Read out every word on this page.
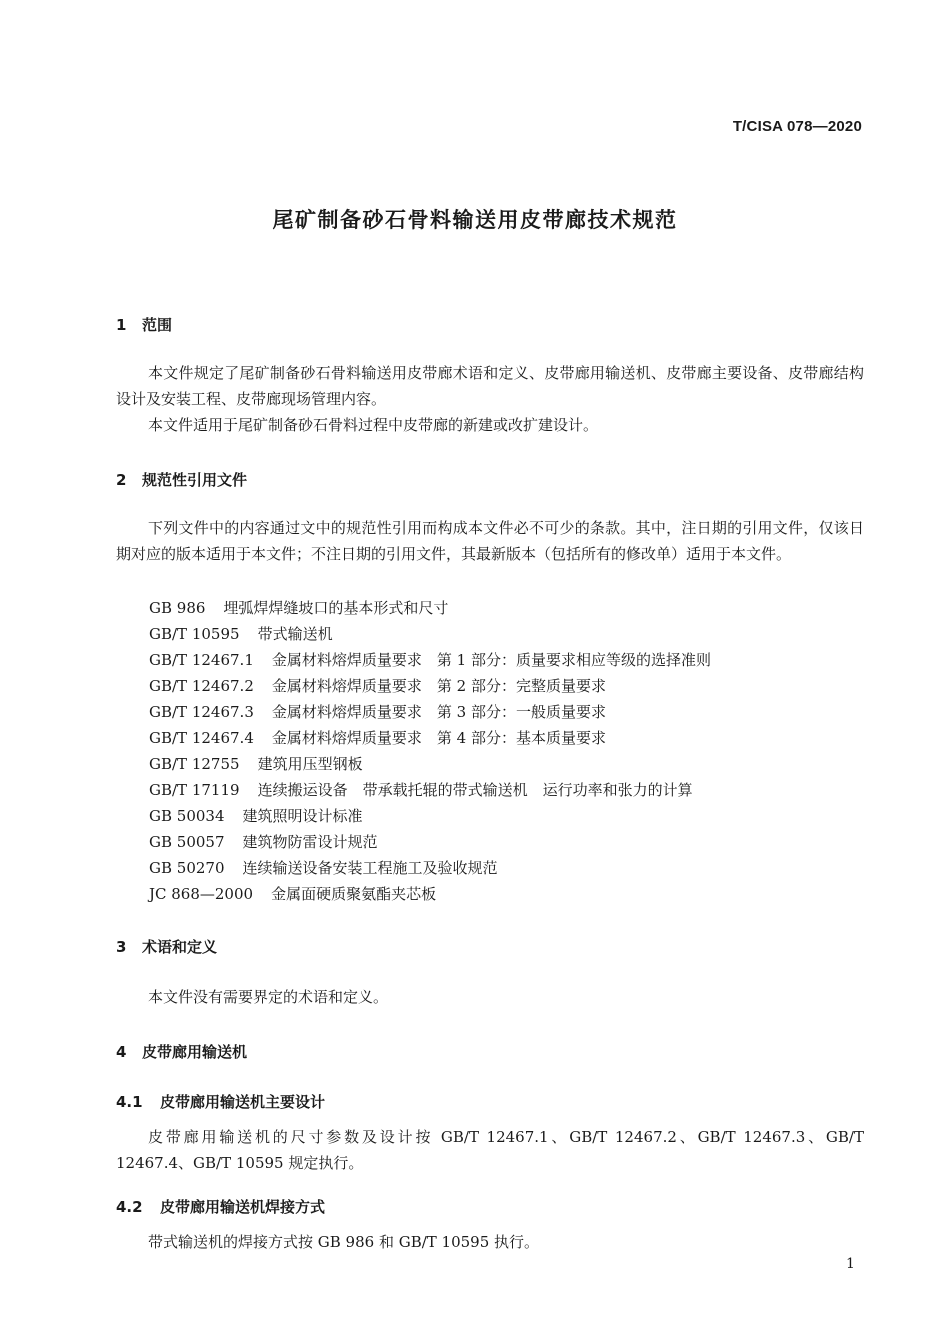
T/CISA 078—2020
尾矿制备砂石骨料输送用皮带廊技术规范
1 范围
本文件规定了尾矿制备砂石骨料输送用皮带廊术语和定义、皮带廊用输送机、皮带廊主要设备、皮带廊结构设计及安装工程、皮带廊现场管理内容。
本文件适用于尾矿制备砂石骨料过程中皮带廊的新建或改扩建设计。
2 规范性引用文件
下列文件中的内容通过文中的规范性引用而构成本文件必不可少的条款。其中，注日期的引用文件，仅该日期对应的版本适用于本文件；不注日期的引用文件，其最新版本（包括所有的修改单）适用于本文件。
GB 986 埋弧焊焊缝坡口的基本形式和尺寸
GB/T 10595 带式输送机
GB/T 12467.1 金属材料熔焊质量要求　第 1 部分：质量要求相应等级的选择准则
GB/T 12467.2 金属材料熔焊质量要求　第 2 部分：完整质量要求
GB/T 12467.3 金属材料熔焊质量要求　第 3 部分：一般质量要求
GB/T 12467.4 金属材料熔焊质量要求　第 4 部分：基本质量要求
GB/T 12755 建筑用压型钢板
GB/T 17119 连续搬运设备　带承载托辊的带式输送机　运行功率和张力的计算
GB 50034 建筑照明设计标准
GB 50057 建筑物防雷设计规范
GB 50270 连续输送设备安装工程施工及验收规范
JC 868—2000 金属面硬质聚氨酯夹芯板
3 术语和定义
本文件没有需要界定的术语和定义。
4 皮带廊用输送机
4.1 皮带廊用输送机主要设计
皮带廊用输送机的尺寸参数及设计按 GB/T 12467.1、GB/T 12467.2、GB/T 12467.3、GB/T 12467.4、GB/T 10595 规定执行。
4.2 皮带廊用输送机焊接方式
带式输送机的焊接方式按 GB 986 和 GB/T 10595 执行。
1
